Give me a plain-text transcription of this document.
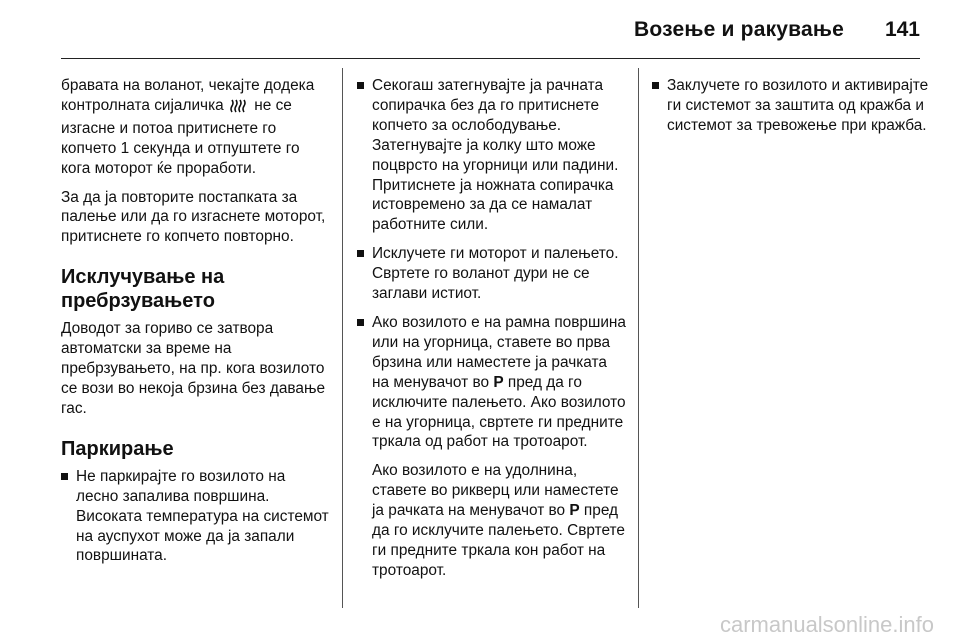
Возење и ракување 141

бравата на воланот, чекајте додека контролната сијаличка не се изгасне и потоа притиснете го копчето 1 секунда и отпуштете го кога моторот ќе проработи.

За да ја повторите постапката за палење или да го изгаснете моторот, притиснете го копчето повторно.

Исклучување на пребрзувањето

Доводот за гориво се затвора автоматски за време на пребрзувањето, на пр. кога возилото се вози во некоја брзина без давање гас.

Паркирање
Не паркирајте го возилото на лесно запалива површина. Високата температура на системот на ауспухот може да ја запали површината.
Секогаш затегнувајте ја рачната сопирачка без да го притиснете копчето за ослободување. Затегнувајте ја колку што може поцврсто на угорници или падини. Притиснете ја ножната сопирачка истовремено за да се намалат работните сили.
Исклучете ги моторот и палењето. Свртете го воланот дури не се заглави истиот.
Ако возилото е на рамна површина или на угорница, ставете во прва брзина или наместете ја рачката на менувачот во P пред да го исключите палењето. Ако возилото е на угорница, свртете ги предните тркала од работ на тротоарот.
Ако возилото е на удолнина, ставете во рикверц или наместете ја рачката на менувачот во P пред да го исклучите палењето. Свртете ги предните тркала кон работ на тротоарот.
Заклучете го возилото и активирајте ги системот за заштита од кражба и системот за тревожење при кражба.
carmanualsonline.info
